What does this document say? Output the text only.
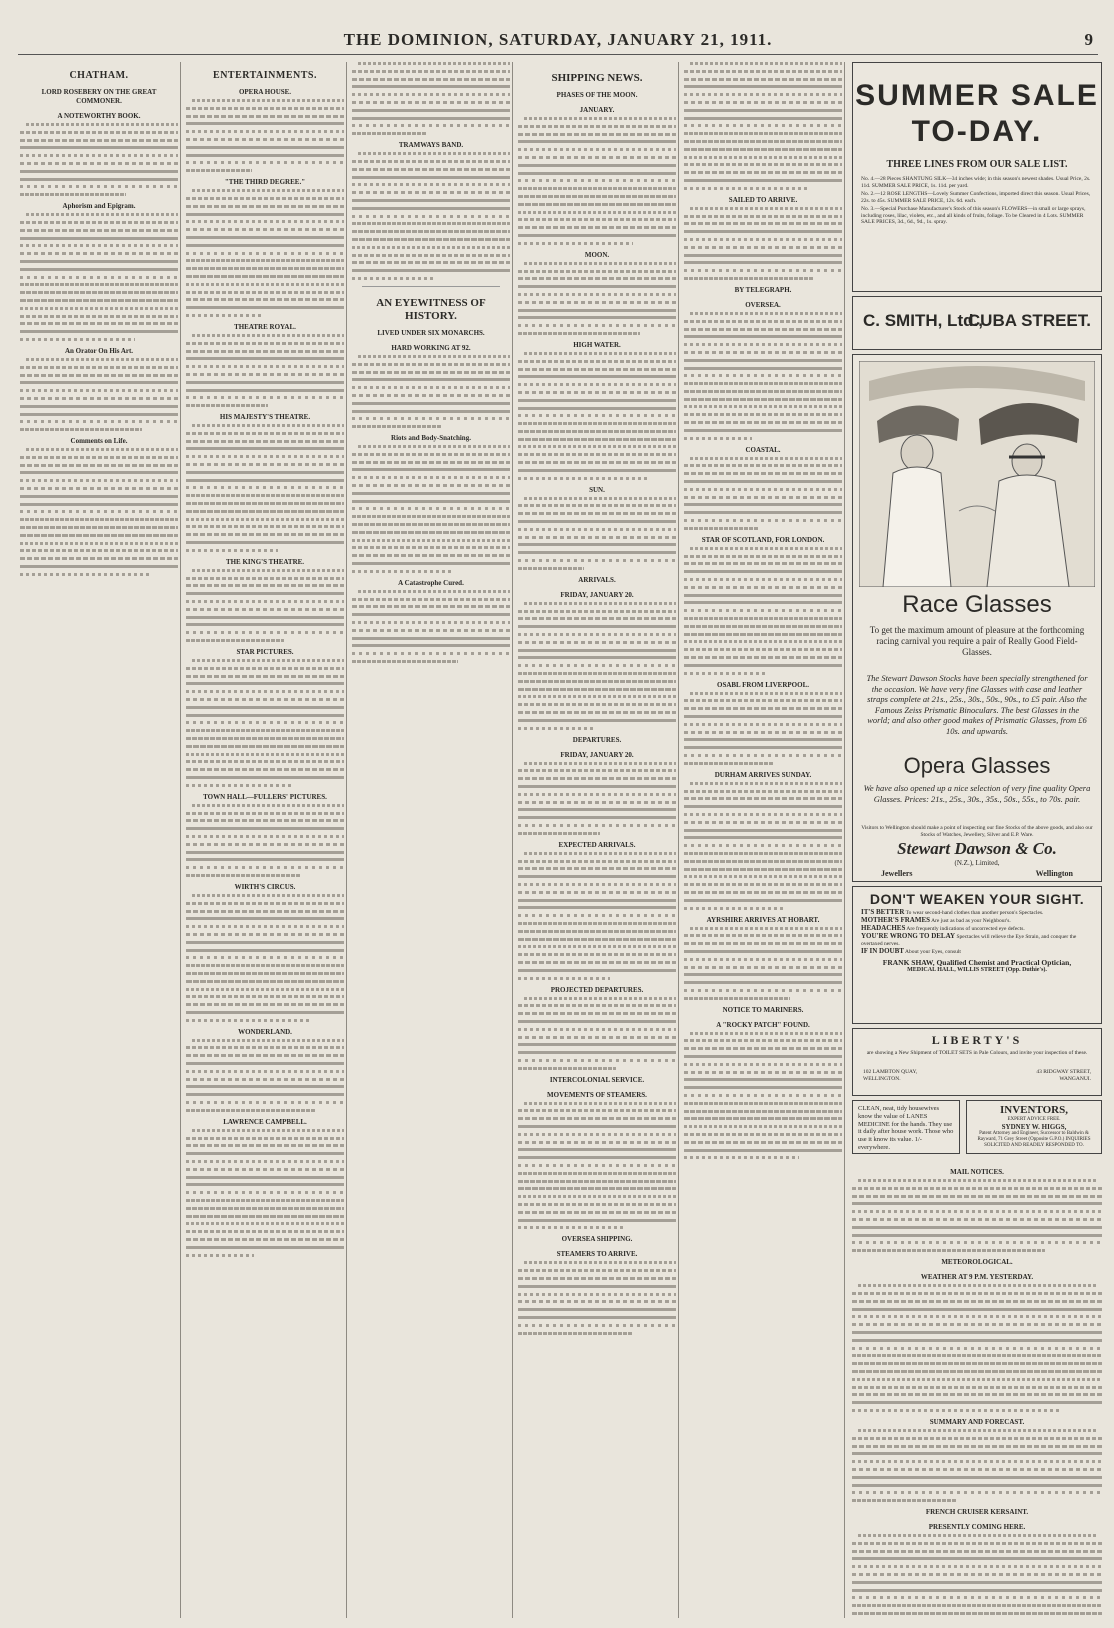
THE DOMINION, SATURDAY, JANUARY 21, 1911.	9
CHATHAM.
LORD ROSEBERY ON THE GREAT COMMONER.
A NOTEWORTHY BOOK.
Aphorism and Epigram.
An Orator On His Art.
Comments on Life.
ENTERTAINMENTS.
OPERA HOUSE.
"THE THIRD DEGREE."
THEATRE ROYAL.
HIS MAJESTY'S THEATRE.
THE KING'S THEATRE.
STAR PICTURES.
TOWN HALL—FULLERS' PICTURES.
WIRTH'S CIRCUS.
WONDERLAND.
LAWRENCE CAMPBELL.
TRAMWAYS BAND.
AN EYEWITNESS OF HISTORY.
LIVED UNDER SIX MONARCHS.
HARD WORKING AT 92.
Riots and Body-Snatching.
A Catastrophe Cured.
SHIPPING NEWS.
PHASES OF THE MOON.
JANUARY.
MOON.
HIGH WATER.
SUN.
ARRIVALS.
FRIDAY, JANUARY 20.
DEPARTURES.
FRIDAY, JANUARY 20.
EXPECTED ARRIVALS.
PROJECTED DEPARTURES.
INTERCOLONIAL SERVICE.
MOVEMENTS OF STEAMERS.
OVERSEA SHIPPING.
STEAMERS TO ARRIVE.
SAILED TO ARRIVE.
BY TELEGRAPH.
OVERSEA.
COASTAL.
STAR OF SCOTLAND, FOR LONDON.
OSABL FROM LIVERPOOL.
DURHAM ARRIVES SUNDAY.
AYRSHIRE ARRIVES AT HOBART.
NOTICE TO MARINERS.
A "ROCKY PATCH" FOUND.
SUMMER SALE
TO-DAY.
THREE LINES FROM OUR SALE LIST.

No. 4.—28 Pieces SHANTUNG SILK—34 inches wide; in this season's newest shades. Usual Price, 2s. 11d. SUMMER SALE PRICE, 1s. 11d. per yard.

No. 2.—12 ROSE LENGTHS—Lovely Summer Confections, imported direct this season. Usual Prices, 22s. to 45s. SUMMER SALE PRICE, 12s. 6d. each.

No. 3.—Special Purchase Manufacturer's Stock of this season's FLOWERS—in small or large sprays, including roses, lilac, violets, etc., and all kinds of fruits, foliage. To be Cleared in 4 Lots. SUMMER SALE PRICES, 3d., 6d., 9d., 1s. spray.

C. SMITH, Ltd.,
CUBA STREET.
Race Glasses
To get the maximum amount of pleasure at the forthcoming racing carnival you require a pair of Really Good Field-Glasses.
The Stewart Dawson Stocks have been specially strengthened for the occasion. We have very fine Glasses with case and leather straps complete at 21s., 25s., 30s., 50s., 90s., to £5 pair. Also the Famous Zeiss Prismatic Binoculars. The best Glasses in the world; and also other good makes of Prismatic Glasses, from £6 10s. and upwards.
Opera Glasses
We have also opened up a nice selection of very fine quality Opera Glasses. Prices: 21s., 25s., 30s., 35s., 50s., 55s., to 70s. pair.
Visitors to Wellington should make a point of inspecting our fine Stocks of the above goods, and also our Stocks of Watches, Jewellery, Silver and E.P. Ware.
Stewart Dawson & Co.
(N.Z.), Limited,
Jewellers	Wellington
DON'T WEAKEN YOUR SIGHT.
IT'S BETTER To wear second-hand clothes than another person's Spectacles.
MOTHER'S FRAMES Are just as bad as your Neighbour's.
HEADACHES Are frequently indications of uncorrected eye defects.
YOU'RE WRONG TO DELAY Spectacles will relieve the Eye Strain, and conquer the overtaxed nerves.
IF IN DOUBT About your Eyes, consult
FRANK SHAW, Qualified Chemist and Practical Optician,
MEDICAL HALL, WILLIS STREET (Opp. Duthie's).
LIBERTY'S
are showing a New Shipment of TOILET SETS in Pale Colours, and invite your inspection of these.
102 LAMBTON QUAY,
WELLINGTON.
43 RIDGWAY STREET,
WANGANUI.
CLEAN, neat, tidy housewives know the value of LANES MEDICINE for the hands. They use it daily after house work. Those who use it know its value. 1/- everywhere.
INVENTORS,
EXPERT ADVICE FREE.
SYDNEY W. HIGGS,
Patent Attorney and Engineer, Successor to Baldwin & Rayward, 71 Grey Street (Opposite G.P.O.) INQUIRIES SOLICITED AND READILY RESPONDED TO.
MAIL NOTICES.
METEOROLOGICAL.
WEATHER AT 9 P.M. YESTERDAY.
SUMMARY AND FORECAST.
FRENCH CRUISER KERSAINT.
PRESENTLY COMING HERE.
